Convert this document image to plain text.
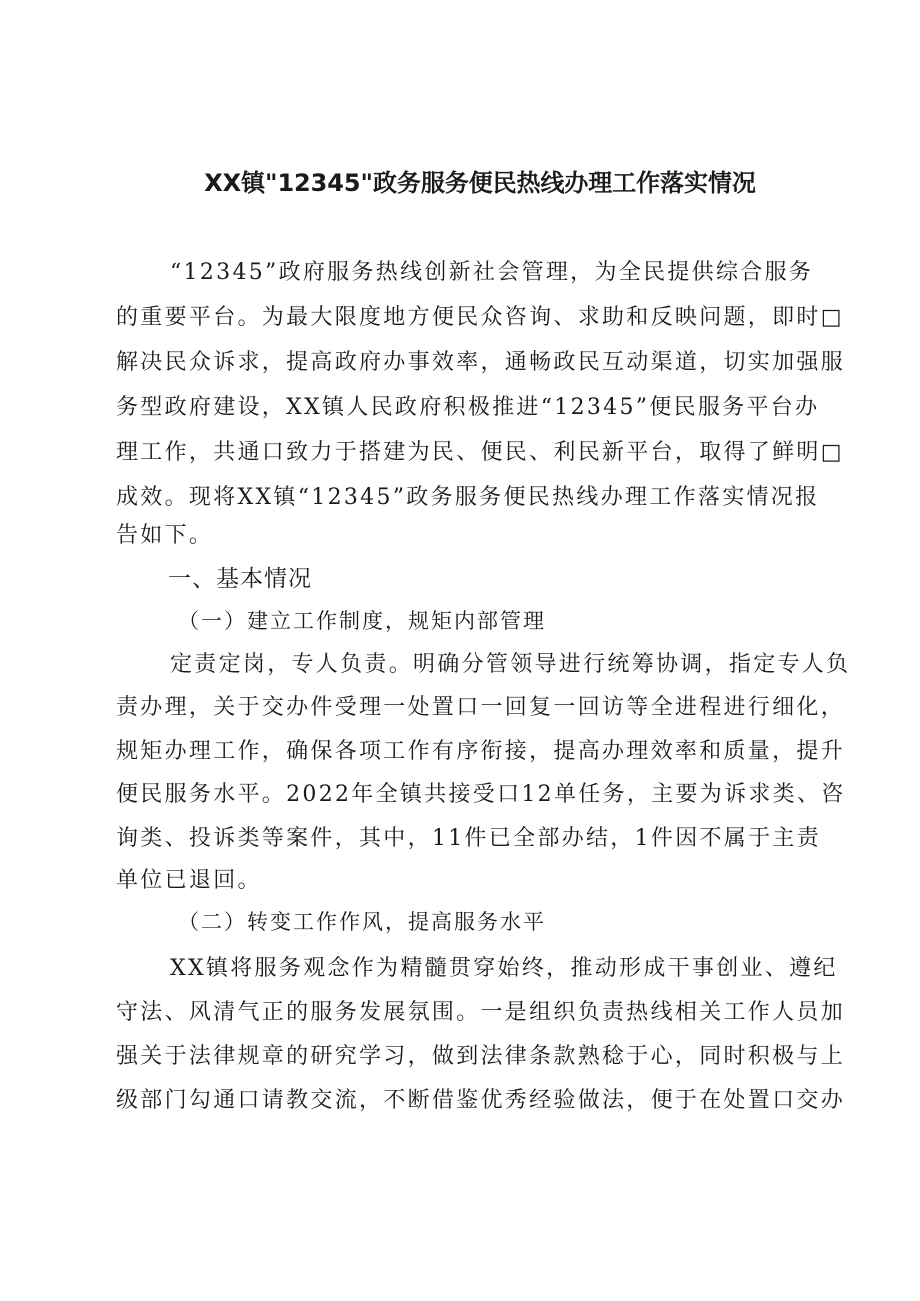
XX镇"12345"政务服务便民热线办理工作落实情况
“12345”政府服务热线创新社会管理，为全民提供综合服务
的重要平台。为最大限度地方便民众咨询、求助和反映问题，即时□
解决民众诉求，提高政府办事效率，通畅政民互动渠道，切实加强服
务型政府建设，XX镇人民政府积极推进“12345”便民服务平台办
理工作，共通口致力于搭建为民、便民、利民新平台，取得了鲜明□
成效。现将XX镇“12345”政务服务便民热线办理工作落实情况报
告如下。
一、基本情况
（一）建立工作制度，规矩内部管理
定责定岗，专人负责。明确分管领导进行统筹协调，指定专人负
责办理，关于交办件受理一处置口一回复一回访等全进程进行细化，
规矩办理工作，确保各项工作有序衔接，提高办理效率和质量，提升
便民服务水平。2022年全镇共接受口12单任务，主要为诉求类、咨
询类、投诉类等案件，其中，11件已全部办结，1件因不属于主责
单位已退回。
（二）转变工作作风，提高服务水平
XX镇将服务观念作为精髓贯穿始终，推动形成干事创业、遵纪
守法、风清气正的服务发展氛围。一是组织负责热线相关工作人员加
强关于法律规章的研究学习，做到法律条款熟稔于心，同时积极与上
级部门勾通口请教交流，不断借鉴优秀经验做法，便于在处置口交办
